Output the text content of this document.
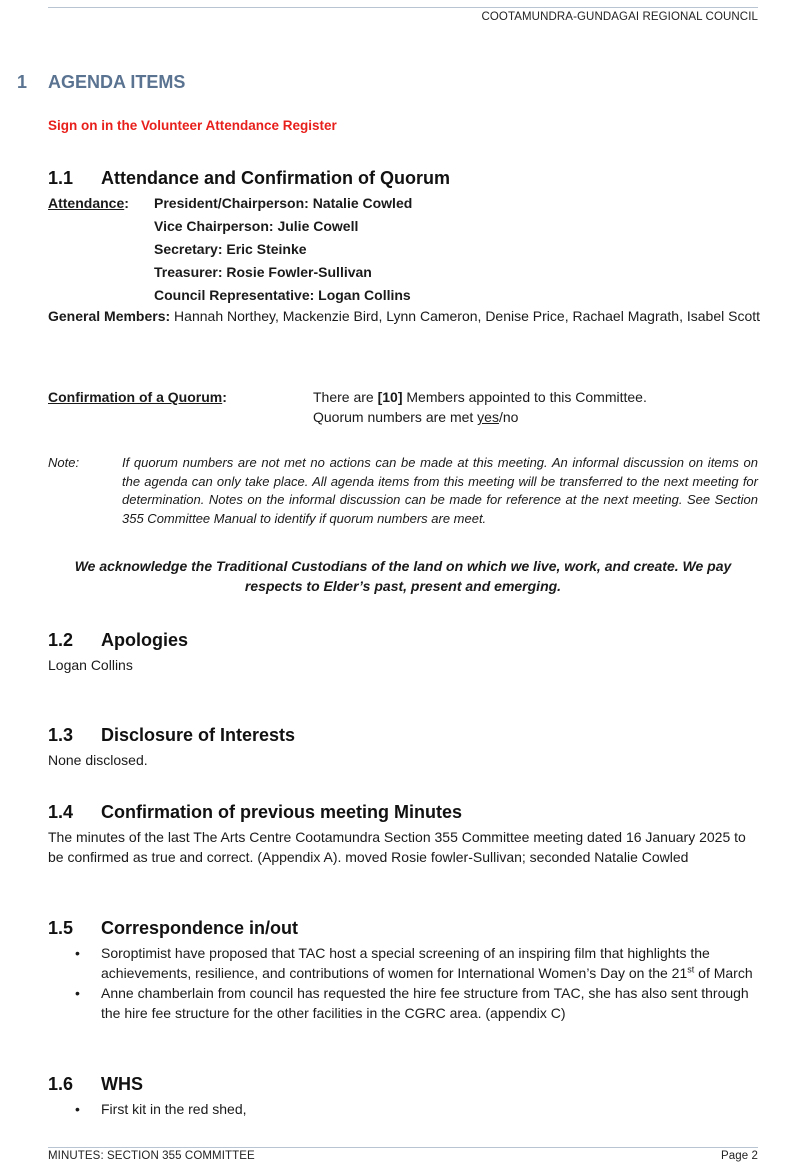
COOTAMUNDRA-GUNDAGAI REGIONAL COUNCIL
1 AGENDA ITEMS
Sign on in the Volunteer Attendance Register
1.1 Attendance and Confirmation of Quorum
Attendance: President/Chairperson: Natalie Cowled
Vice Chairperson: Julie Cowell
Secretary: Eric Steinke
Treasurer: Rosie Fowler-Sullivan
Council Representative: Logan Collins
General Members: Hannah Northey, Mackenzie Bird, Lynn Cameron, Denise Price, Rachael Magrath, Isabel Scott
Confirmation of a Quorum:	There are [10] Members appointed to this Committee.
Quorum numbers are met yes/no
Note:	If quorum numbers are not met no actions can be made at this meeting. An informal discussion on items on the agenda can only take place. All agenda items from this meeting will be transferred to the next meeting for determination. Notes on the informal discussion can be made for reference at the next meeting. See Section 355 Committee Manual to identify if quorum numbers are meet.
We acknowledge the Traditional Custodians of the land on which we live, work, and create. We pay
respects to Elder’s past, present and emerging.
1.2 Apologies
Logan Collins
1.3 Disclosure of Interests
None disclosed.
1.4 Confirmation of previous meeting Minutes
The minutes of the last The Arts Centre Cootamundra Section 355 Committee meeting dated 16 January 2025 to be confirmed as true and correct. (Appendix A). moved Rosie fowler-Sullivan; seconded Natalie Cowled
1.5 Correspondence in/out
• Soroptimist have proposed that TAC host a special screening of an inspiring film that highlights the achievements, resilience, and contributions of women for International Women’s Day on the 21st of March
• Anne chamberlain from council has requested the hire fee structure from TAC, she has also sent through the hire fee structure for the other facilities in the CGRC area. (appendix C)
1.6 WHS
• First kit in the red shed,
MINUTES: SECTION 355 COMMITTEE	Page 2
